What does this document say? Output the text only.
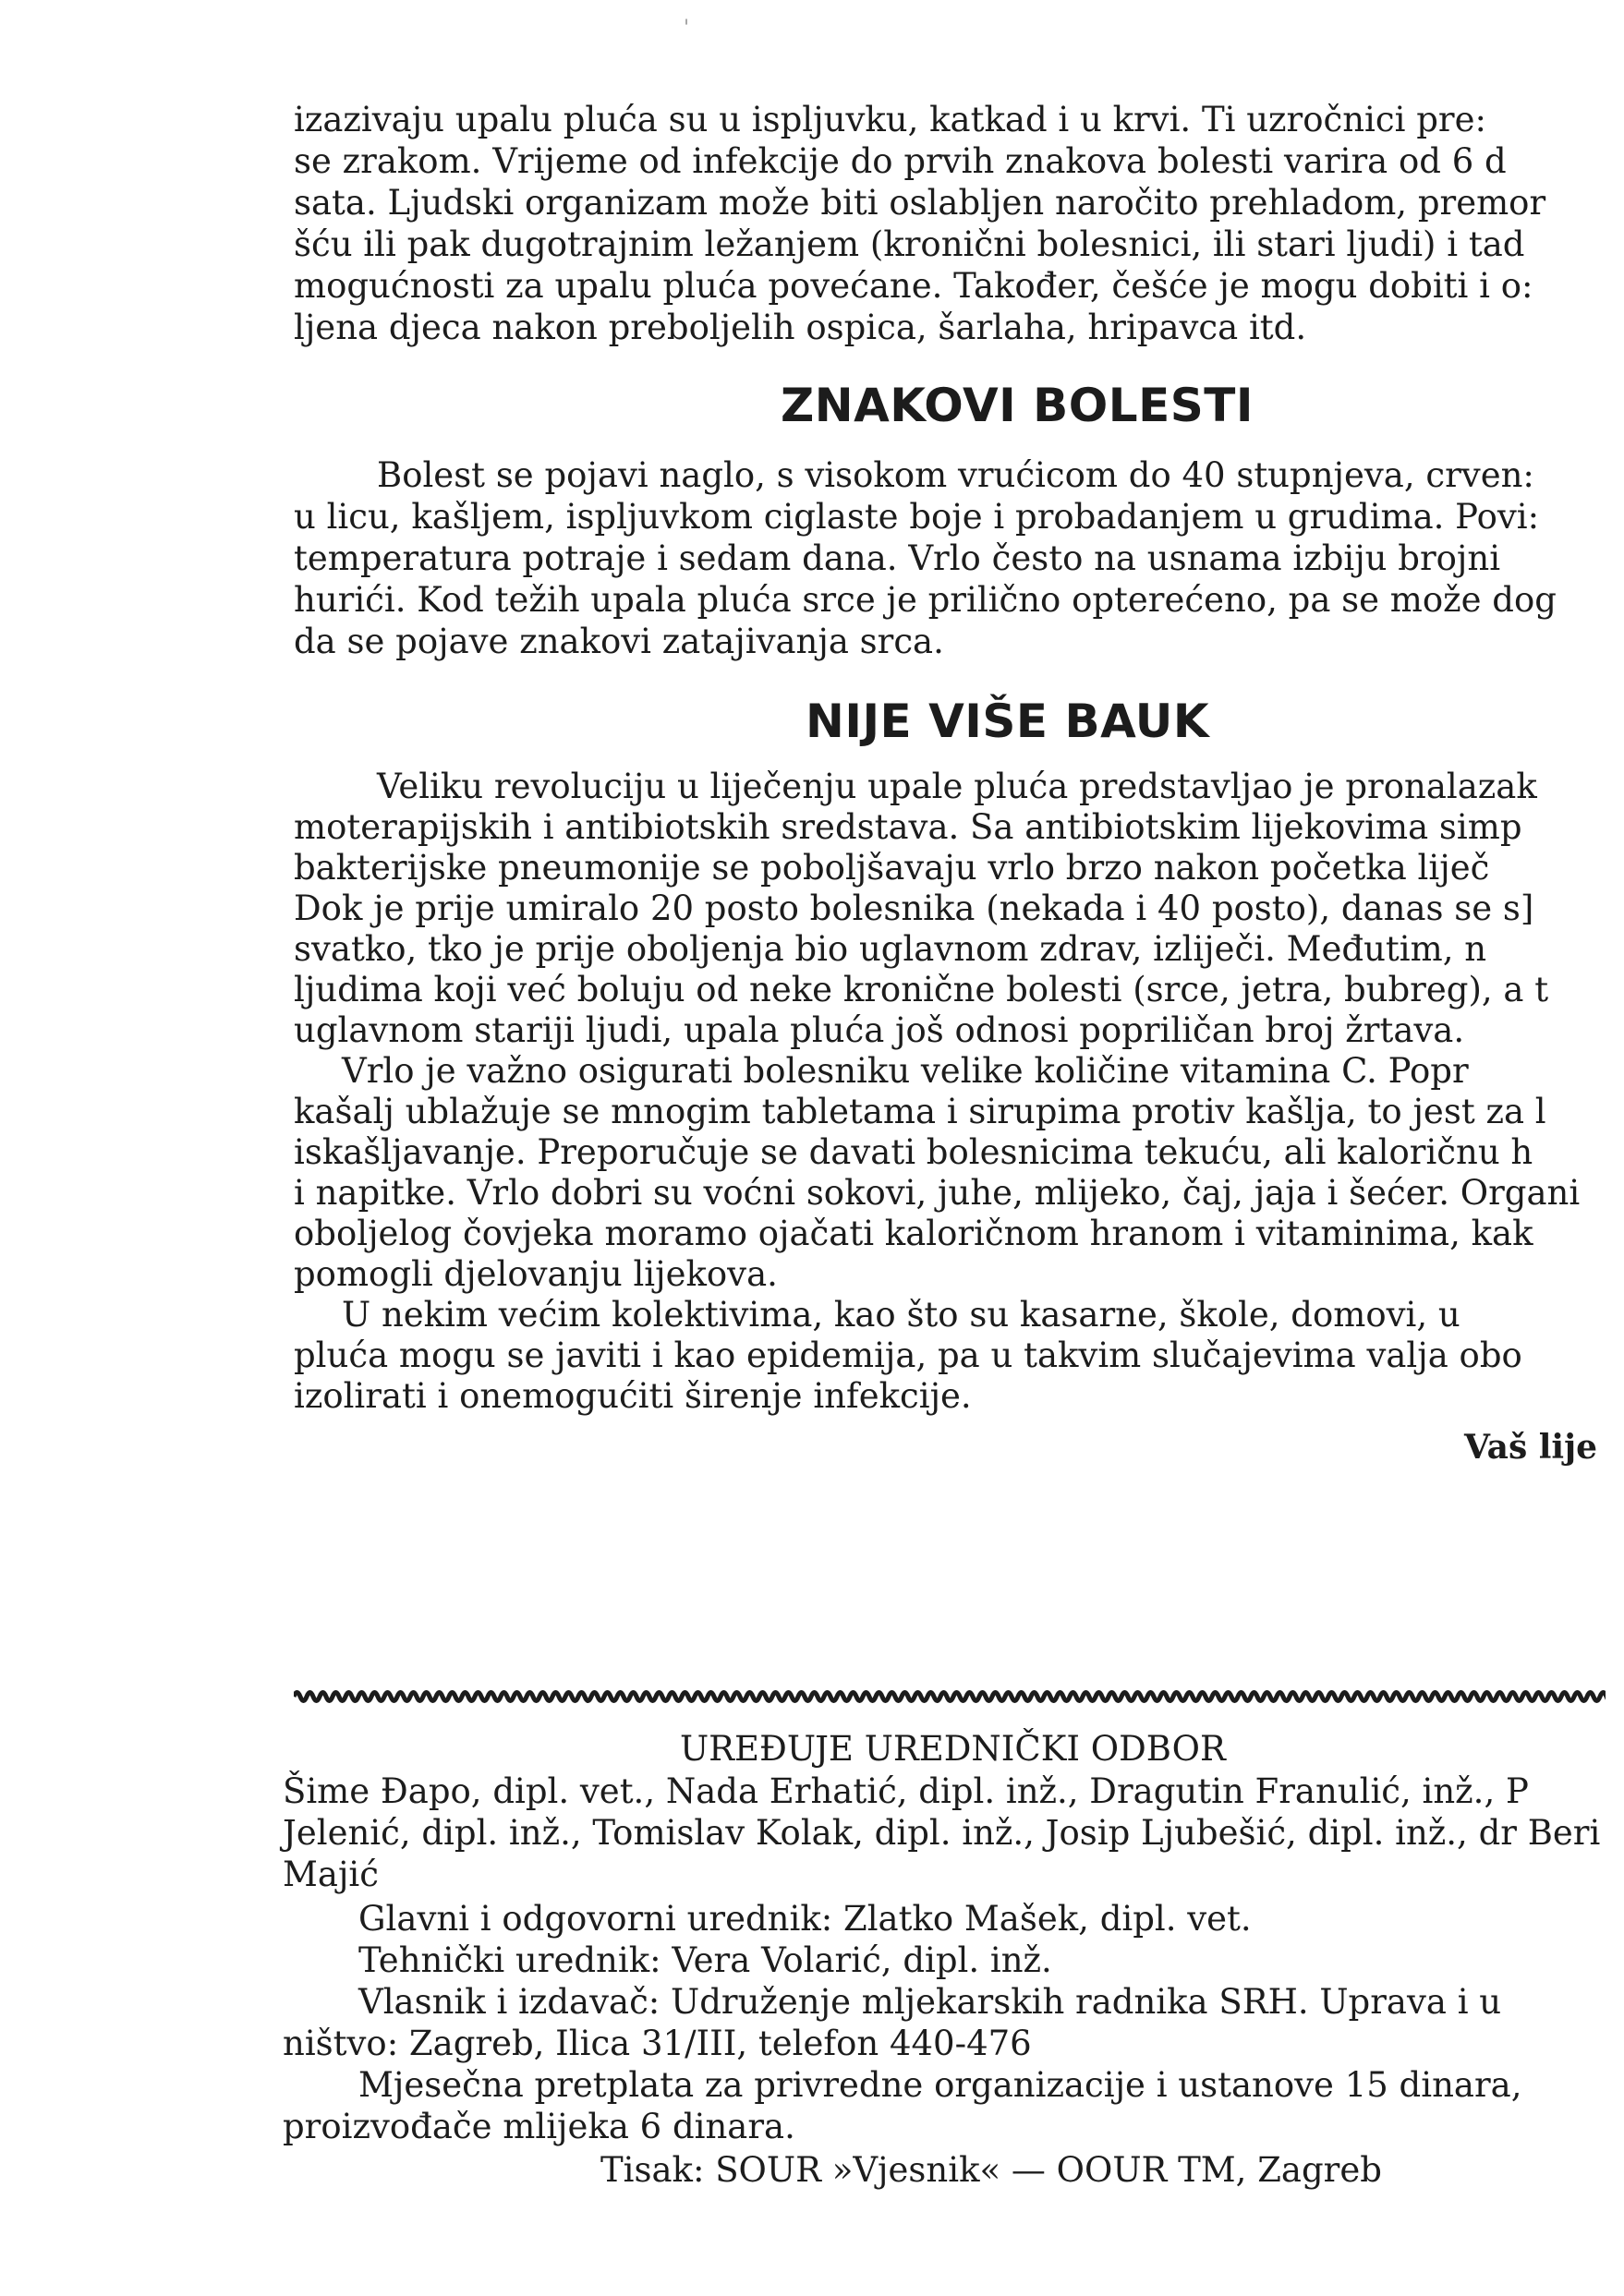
'

izazivaju upalu pluća su u ispljuvku, katkad i u krvi. Ti uzročnici pre:

se zrakom. Vrijeme od infekcije do prvih znakova bolesti varira od 6 d

sata. Ljudski organizam može biti oslabljen naročito prehladom, premor

šću ili pak dugotrajnim ležanjem (kronični bolesnici, ili stari ljudi) i tad

mogućnosti za upalu pluća povećane. Također, češće je mogu dobiti i o:

ljena djeca nakon preboljelih ospica, šarlaha, hripavca itd.

ZNAKOVI BOLESTI

Bolest se pojavi naglo, s visokom vrućicom do 40 stupnjeva, crven:

u licu, kašljem, ispljuvkom ciglaste boje i probadanjem u grudima. Povi:

temperatura potraje i sedam dana. Vrlo često na usnama izbiju brojni

hurići. Kod težih upala pluća srce je prilično opterećeno, pa se može dog

da se pojave znakovi zatajivanja srca.

NIJE VIŠE BAUK

Veliku revoluciju u liječenju upale pluća predstavljao je pronalazak

moterapijskih i antibiotskih sredstava. Sa antibiotskim lijekovima simp

bakterijske pneumonije se poboljšavaju vrlo brzo nakon početka liječ

Dok je prije umiralo 20 posto bolesnika (nekada i 40 posto), danas se s]

svatko, tko je prije oboljenja bio uglavnom zdrav, izliječi. Međutim, n

ljudima koji već boluju od neke kronične bolesti (srce, jetra, bubreg), a t

uglavnom stariji ljudi, upala pluća još odnosi popriličan broj žrtava.

Vrlo je važno osigurati bolesniku velike količine vitamina C. Popr

kašalj ublažuje se mnogim tabletama i sirupima protiv kašlja, to jest za l

iskašljavanje. Preporučuje se davati bolesnicima tekuću, ali kaloričnu h

i napitke. Vrlo dobri su voćni sokovi, juhe, mlijeko, čaj, jaja i šećer. Organi

oboljelog čovjeka moramo ojačati kaloričnom hranom i vitaminima, kak

pomogli djelovanju lijekova.

U nekim većim kolektivima, kao što su kasarne, škole, domovi, u

pluća mogu se javiti i kao epidemija, pa u takvim slučajevima valja obo

izolirati i onemogućiti širenje infekcije.

Vaš lije

UREĐUJE UREDNIČKI ODBOR

Šime Đapo, dipl. vet., Nada Erhatić, dipl. inž., Dragutin Franulić, inž., P

Jelenić, dipl. inž., Tomislav Kolak, dipl. inž., Josip Ljubešić, dipl. inž., dr Beri

Majić

Glavni i odgovorni urednik: Zlatko Mašek, dipl. vet.

Tehnički urednik: Vera Volarić, dipl. inž.

Vlasnik i izdavač: Udruženje mljekarskih radnika SRH. Uprava i u

ništvo: Zagreb, Ilica 31/III, telefon 440-476

Mjesečna pretplata za privredne organizacije i ustanove 15 dinara,

proizvođače mlijeka 6 dinara.

Tisak: SOUR »Vjesnik« — OOUR TM, Zagreb
